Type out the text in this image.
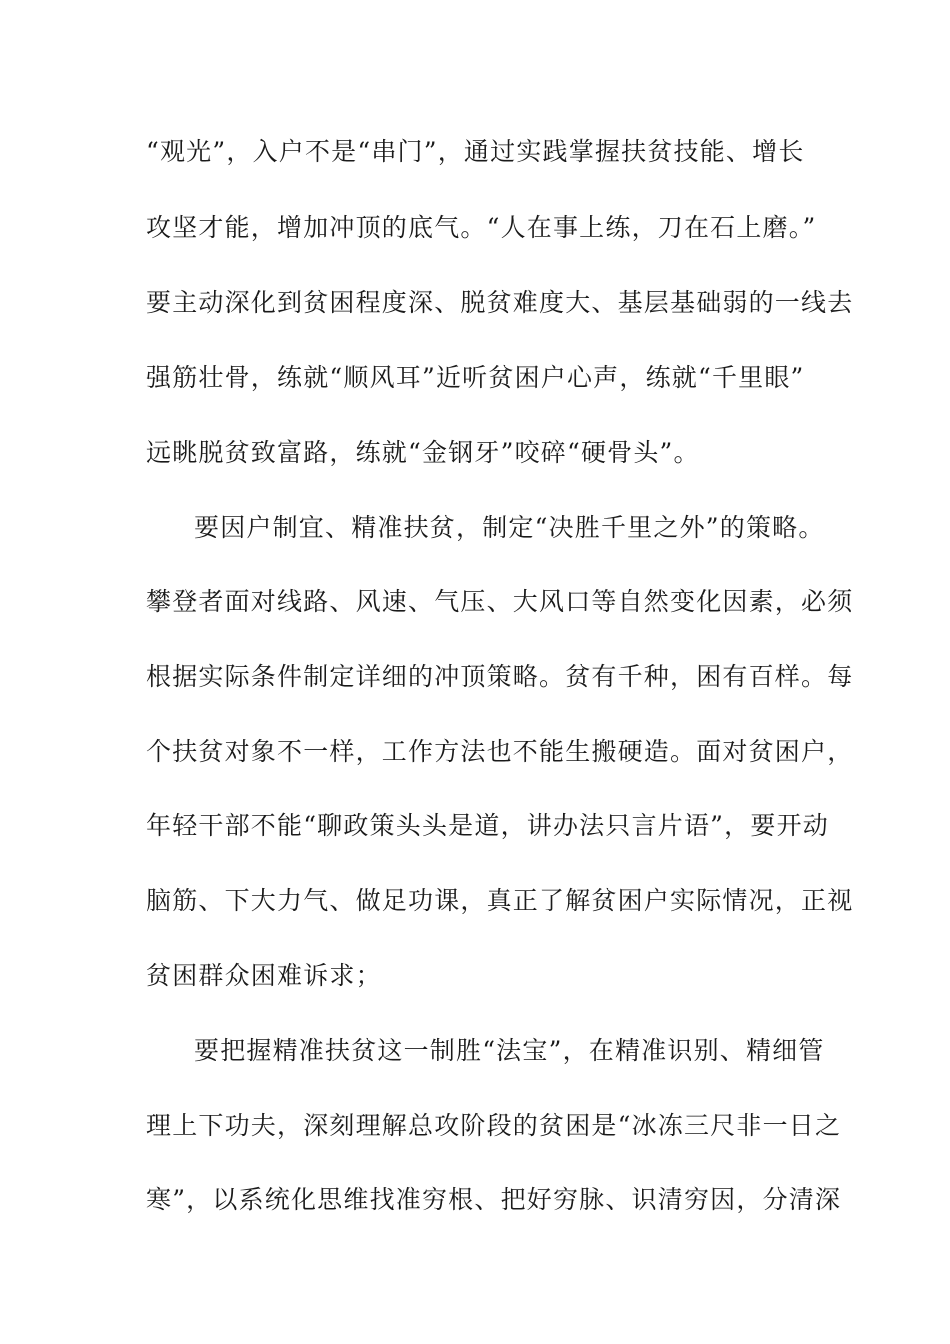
“观光”，入户不是“串门”，通过实践掌握扶贫技能、增长
攻坚才能，增加冲顶的底气。“人在事上练，刀在石上磨。”
要主动深化到贫困程度深、脱贫难度大、基层基础弱的一线去
强筋壮骨，练就“顺风耳”近听贫困户心声，练就“千里眼”
远眺脱贫致富路，练就“金钢牙”咬碎“硬骨头”。
要因户制宜、精准扶贫，制定“决胜千里之外”的策略。
攀登者面对线路、风速、气压、大风口等自然变化因素，必须
根据实际条件制定详细的冲顶策略。贫有千种，困有百样。每
个扶贫对象不一样，工作方法也不能生搬硬造。面对贫困户，
年轻干部不能“聊政策头头是道，讲办法只言片语”，要开动
脑筋、下大力气、做足功课，真正了解贫困户实际情况，正视
贫困群众困难诉求；
要把握精准扶贫这一制胜“法宝”，在精准识别、精细管
理上下功夫，深刻理解总攻阶段的贫困是“冰冻三尺非一日之
寒”，以系统化思维找准穷根、把好穷脉、识清穷因，分清深
